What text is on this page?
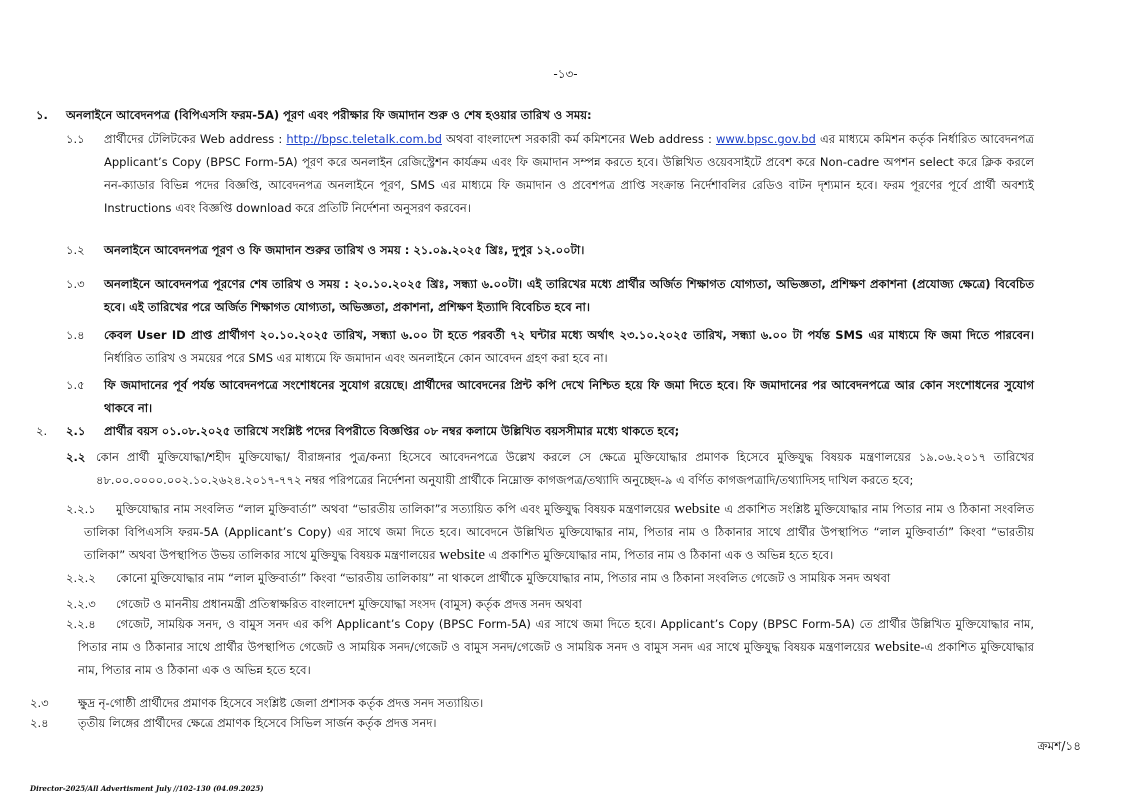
-১৩-
১. অনলাইনে আবেদনপত্র (বিপিএসসি ফরম-5A) পূরণ এবং পরীক্ষার ফি জমাদান শুরু ও শেষ হওয়ার তারিখ ও সময়:
১.১ প্রার্থীদের টেলিটকের Web address : http://bpsc.teletalk.com.bd অথবা বাংলাদেশ সরকারী কর্ম কমিশনের Web address : www.bpsc.gov.bd এর মাধ্যমে কমিশন কর্তৃক নির্ধারিত আবেদনপত্র Applicant’s Copy (BPSC Form-5A) পূরণ করে অনলাইন রেজিস্ট্রেশন কার্যক্রম এবং ফি জমাদান সম্পন্ন করতে হবে। উল্লিখিত ওয়েবসাইটে প্রবেশ করে Non-cadre অপশন select করে ক্লিক করলে নন-ক্যাডার বিভিন্ন পদের বিজ্ঞপ্তি, আবেদনপত্র অনলাইনে পূরণ, SMS এর মাধ্যমে ফি জমাদান ও প্রবেশপত্র প্রাপ্তি সংক্রান্ত নির্দেশাবলির রেডিও বাটন দৃশ্যমান হবে। ফরম পূরণের পূর্বে প্রার্থী অবশ্যই Instructions এবং বিজ্ঞপ্তি download করে প্রতিটি নির্দেশনা অনুসরণ করবেন।
১.২ অনলাইনে আবেদনপত্র পূরণ ও ফি জমাদান শুরুর তারিখ ও সময় : ২১.০৯.২০২৫ খ্রিঃ, দুপুর ১২.০০টা।
১.৩ অনলাইনে আবেদনপত্র পূরণের শেষ তারিখ ও সময় : ২০.১০.২০২৫ খ্রিঃ, সন্ধ্যা ৬.০০টা। এই তারিখের মধ্যে প্রার্থীর অর্জিত শিক্ষাগত যোগ্যতা, অভিজ্ঞতা, প্রশিক্ষণ প্রকাশনা (প্রযোজ্য ক্ষেত্রে) বিবেচিত হবে। এই তারিখের পরে অর্জিত শিক্ষাগত যোগ্যতা, অভিজ্ঞতা, প্রকাশনা, প্রশিক্ষণ ইত্যাদি বিবেচিত হবে না।
১.৪ কেবল User ID প্রাপ্ত প্রার্থীগণ ২০.১০.২০২৫ তারিখ, সন্ধ্যা ৬.০০ টা হতে পরবর্তী ৭২ ঘন্টার মধ্যে অর্থাৎ ২৩.১০.২০২৫ তারিখ, সন্ধ্যা ৬.০০ টা পর্যন্ত SMS এর মাধ্যমে ফি জমা দিতে পারবেন। নির্ধারিত তারিখ ও সময়ের পরে SMS এর মাধ্যমে ফি জমাদান এবং অনলাইনে কোন আবেদন গ্রহণ করা হবে না।
১.৫ ফি জমাদানের পূর্ব পর্যন্ত আবেদনপত্রে সংশোধনের সুযোগ রয়েছে। প্রার্থীদের আবেদনের প্রিন্ট কপি দেখে নিশ্চিত হয়ে ফি জমা দিতে হবে। ফি জমাদানের পর আবেদনপত্রে আর কোন সংশোধনের সুযোগ থাকবে না।
২. ২.১ প্রার্থীর বয়স ০১.০৮.২০২৫ তারিখে সংশ্লিষ্ট পদের বিপরীতে বিজ্ঞপ্তির ০৮ নম্বর কলামে উল্লিখিত বয়সসীমার মধ্যে থাকতে হবে;
২.২ কোন প্রার্থী মুক্তিযোদ্ধা/শহীদ মুক্তিযোদ্ধা/ বীরাঙ্গনার পুত্র/কন্যা হিসেবে আবেদনপত্রে উল্লেখ করলে সে ক্ষেত্রে মুক্তিযোদ্ধার প্রমাণক হিসেবে মুক্তিযুদ্ধ বিষয়ক মন্ত্রণালয়ের ১৯.০৬.২০১৭ তারিখের ৪৮.০০.০০০০.০০২.১০.২৬২৪.২০১৭-৭৭২ নম্বর পরিপত্রের নির্দেশনা অনুযায়ী প্রার্থীকে নিম্নোক্ত কাগজপত্র/তথ্যাদি অনুচ্ছেদ-৯ এ বর্ণিত কাগজপত্রাদি/তথ্যাদিসহ দাখিল করতে হবে;
২.২.১	মুক্তিযোদ্ধার নাম সংবলিত “লাল মুক্তিবার্তা” অথবা “ভারতীয় তালিকা”র সত্যায়িত কপি এবং মুক্তিযুদ্ধ বিষয়ক মন্ত্রণালয়ের website এ প্রকাশিত সংশ্লিষ্ট মুক্তিযোদ্ধার নাম পিতার নাম ও ঠিকানা সংবলিত তালিকা বিপিএসসি ফরম-5A (Applicant’s Copy) এর সাথে জমা দিতে হবে। আবেদনে উল্লিখিত মুক্তিযোদ্ধার নাম, পিতার নাম ও ঠিকানার সাথে প্রার্থীর উপস্থাপিত “লাল মুক্তিবার্তা” কিংবা “ভারতীয় তালিকা” অথবা উপস্থাপিত উভয় তালিকার সাথে মুক্তিযুদ্ধ বিষয়ক মন্ত্রণালয়ের website এ প্রকাশিত মুক্তিযোদ্ধার নাম, পিতার নাম ও ঠিকানা এক ও অভিন্ন হতে হবে।
২.২.২ কোনো মুক্তিযোদ্ধার নাম “লাল মুক্তিবার্তা” কিংবা “ভারতীয় তালিকায়” না থাকলে প্রার্থীকে মুক্তিযোদ্ধার নাম, পিতার নাম ও ঠিকানা সংবলিত গেজেট ও সাময়িক সনদ অথবা
২.২.৩ গেজেট ও মাননীয় প্রধানমন্ত্রী প্রতিস্বাক্ষরিত বাংলাদেশ মুক্তিযোদ্ধা সংসদ (বামুস) কর্তৃক প্রদত্ত সনদ অথবা
২.২.৪	গেজেট, সাময়িক সনদ, ও বামুস সনদ এর কপি Applicant’s Copy (BPSC Form-5A) এর সাথে জমা দিতে হবে। Applicant’s Copy (BPSC Form-5A) তে প্রার্থীর উল্লিখিত মুক্তিযোদ্ধার নাম, পিতার নাম ও ঠিকানার সাথে প্রার্থীর উপস্থাপিত গেজেট ও সাময়িক সনদ/গেজেট ও বামুস সনদ/গেজেট ও সাময়িক সনদ ও বামুস সনদ এর সাথে মুক্তিযুদ্ধ বিষয়ক মন্ত্রণালয়ের website-এ প্রকাশিত মুক্তিযোদ্ধার নাম, পিতার নাম ও ঠিকানা এক ও অভিন্ন হতে হবে।
২.৩	ক্ষুদ্র নৃ-গোষ্ঠী প্রার্থীদের প্রমাণক হিসেবে সংশ্লিষ্ট জেলা প্রশাসক কর্তৃক প্রদত্ত সনদ সত্যায়িত।
২.৪	তৃতীয় লিঙ্গের প্রার্থীদের ক্ষেত্রে প্রমাণক হিসেবে সিভিল সার্জন কর্তৃক প্রদত্ত সনদ।
ক্রমশ/১৪
Director-2025/All Advertisment July //102-130 (04.09.2025)
